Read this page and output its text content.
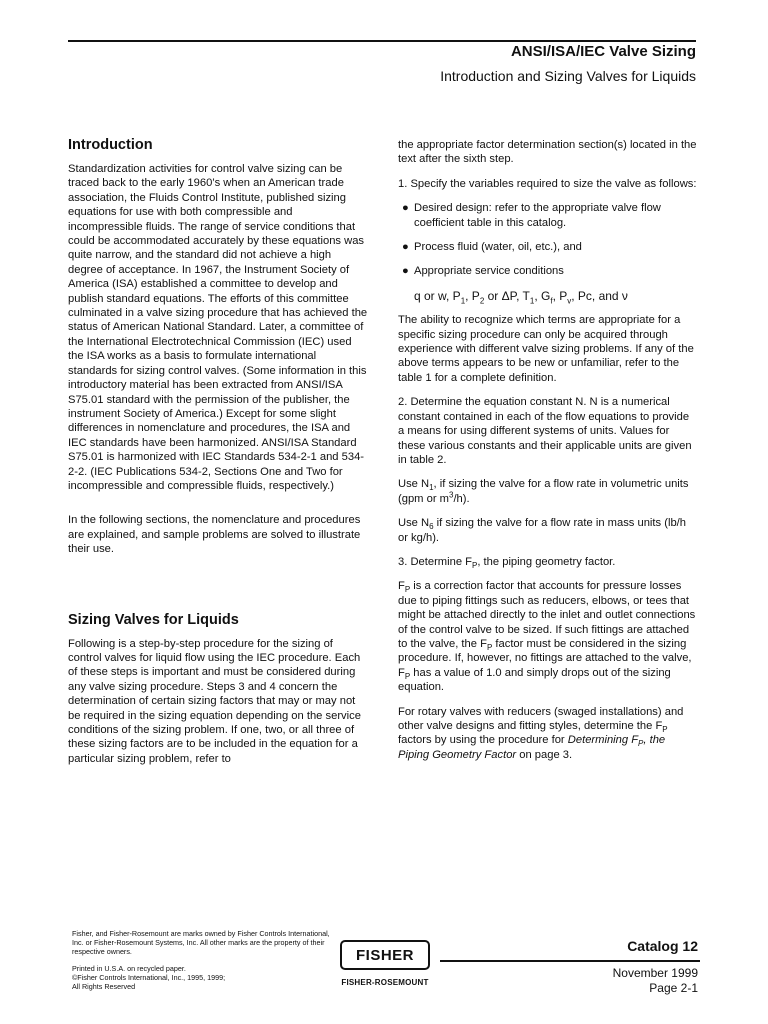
ANSI/ISA/IEC Valve Sizing
Introduction and Sizing Valves for Liquids
Introduction

Standardization activities for control valve sizing can be traced back to the early 1960’s when an American trade association, the Fluids Control Institute, published sizing equations for use with both compressible and incompressible fluids. The range of service conditions that could be accommodated accurately by these equations was quite narrow, and the standard did not achieve a high degree of acceptance. In 1967, the Instrument Society of America (ISA) established a committee to develop and publish standard equations. The efforts of this committee culminated in a valve sizing procedure that has achieved the status of American National Standard. Later, a committee of the International Electrotechnical Commission (IEC) used the ISA works as a basis to formulate international standards for sizing control valves. (Some information in this introductory material has been extracted from ANSI/ISA S75.01 standard with the permission of the publisher, the instrument Society of America.) Except for some slight differences in nomenclature and procedures, the ISA and IEC standards have been harmonized. ANSI/ISA Standard S75.01 is harmonized with IEC Standards 534-2-1 and 534-2-2. (IEC Publications 534-2, Sections One and Two for incompressible and compressible fluids, respectively.)

In the following sections, the nomenclature and procedures are explained, and sample problems are solved to illustrate their use.

Sizing Valves for Liquids

Following is a step-by-step procedure for the sizing of control valves for liquid flow using the IEC procedure. Each of these steps is important and must be considered during any valve sizing procedure. Steps 3 and 4 concern the determination of certain sizing factors that may or may not be required in the sizing equation depending on the service conditions of the sizing problem. If one, two, or all three of these sizing factors are to be included in the equation for a particular sizing problem, refer to

the appropriate factor determination section(s) located in the text after the sixth step.

1. Specify the variables required to size the valve as follows:

● Desired design: refer to the appropriate valve flow coefficient table in this catalog.
● Process fluid (water, oil, etc.), and
● Appropriate service conditions
q or w, $P_1$, $P_2$ or ΔP, $T_1$, $G_f$, $P_v$, Pc, and ν

The ability to recognize which terms are appropriate for a specific sizing procedure can only be acquired through experience with different valve sizing problems. If any of the above terms appears to be new or unfamiliar, refer to the table 1 for a complete definition.

2. Determine the equation constant N. N is a numerical constant contained in each of the flow equations to provide a means for using different systems of units. Values for these various constants and their applicable units are given in table 2.

Use $N_1$, if sizing the valve for a flow rate in volumetric units (gpm or $m^3/h$).

Use $N_6$ if sizing the valve for a flow rate in mass units (lb/h or kg/h).

3. Determine $F_P$, the piping geometry factor.

$F_P$ is a correction factor that accounts for pressure losses due to piping fittings such as reducers, elbows, or tees that might be attached directly to the inlet and outlet connections of the control valve to be sized. If such fittings are attached to the valve, the $F_P$ factor must be considered in the sizing procedure. If, however, no fittings are attached to the valve, $F_P$ has a value of 1.0 and simply drops out of the sizing equation.

For rotary valves with reducers (swaged installations) and other valve designs and fitting styles, determine the $F_P$ factors by using the procedure for Determining $F_P$, the Piping Geometry Factor on page 3.

Fisher, and Fisher-Rosemount are marks owned by Fisher Controls International, Inc. or Fisher-Rosemount Systems, Inc. All other marks are the property of their respective owners.

Printed in U.S.A. on recycled paper.
©Fisher Controls International, Inc., 1995, 1999;
All Rights Reserved
FISHER
FISHER-ROSEMOUNT
Catalog 12
November 1999
Page 2-1
